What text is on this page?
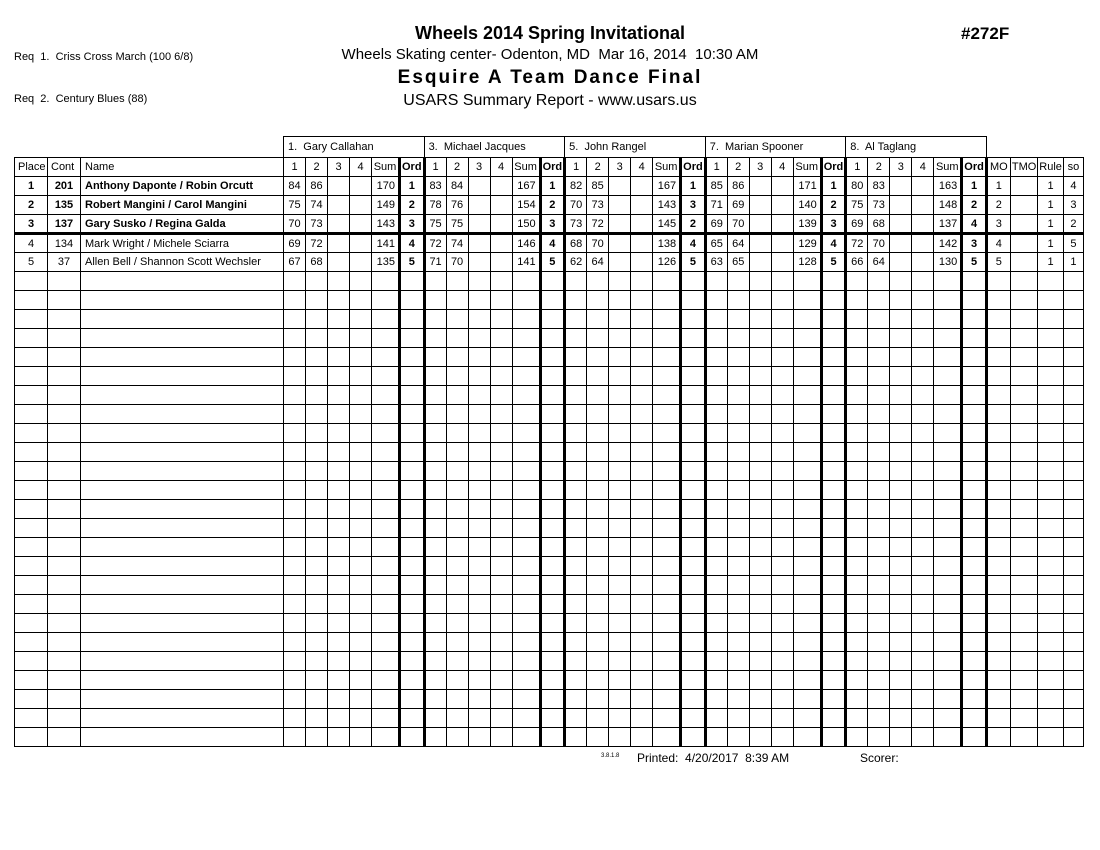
Req  1.  Criss Cross March (100 6/8)

Req  2.  Century Blues (88)

Wheels 2014 Spring Invitational
Wheels Skating center- Odenton, MD  Mar 16, 2014  10:30 AM
Esquire A Team Dance Final
USARS Summary Report - www.usars.us
#272F
			1.  Gary Callahan						3.  Michael Jacques						5.  John Rangel						7.  Marian Spooner						8.  Al Taglang									
Place	Cont	Name	1	2	3	4	Sum	Ord	1	2	3	4	Sum	Ord	1	2	3	4	Sum	Ord	1	2	3	4	Sum	Ord	1	2	3	4	Sum	Ord	MO	TMO	Rule	so
1	201	Anthony Daponte / Robin Orcutt	84	86			170	1	83	84			167	1	82	85			167	1	85	86			171	1	80	83			163	1	1		1	4
2	135	Robert Mangini / Carol Mangini	75	74			149	2	78	76			154	2	70	73			143	3	71	69			140	2	75	73			148	2	2		1	3
3	137	Gary Susko / Regina Galda	70	73			143	3	75	75			150	3	73	72			145	2	69	70			139	3	69	68			137	4	3		1	2
4	134	Mark Wright / Michele Sciarra	69	72			141	4	72	74			146	4	68	70			138	4	65	64			129	4	72	70			142	3	4		1	5
5	37	Allen Bell / Shannon Scott Wechsler	67	68			135	5	71	70			141	5	62	64			126	5	63	65			128	5	66	64			130	5	5		1	1

3.8.1.8 Printed: 4/20/2017  8:39 AM	Scorer:
